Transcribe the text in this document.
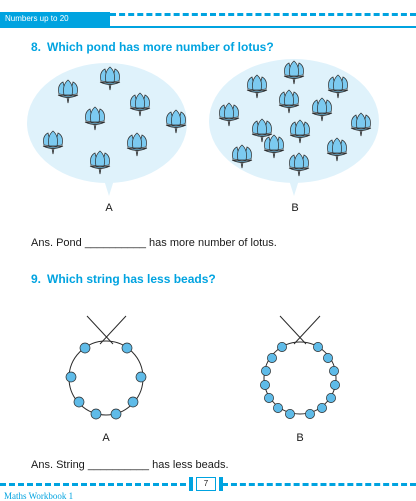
Numbers up to 20
8. Which pond has more number of lotus?
A	B
Ans. Pond __________ has more number of lotus.
9. Which string has less beads?
A	B
Ans. String __________ has less beads.
7
Maths Workbook 1
